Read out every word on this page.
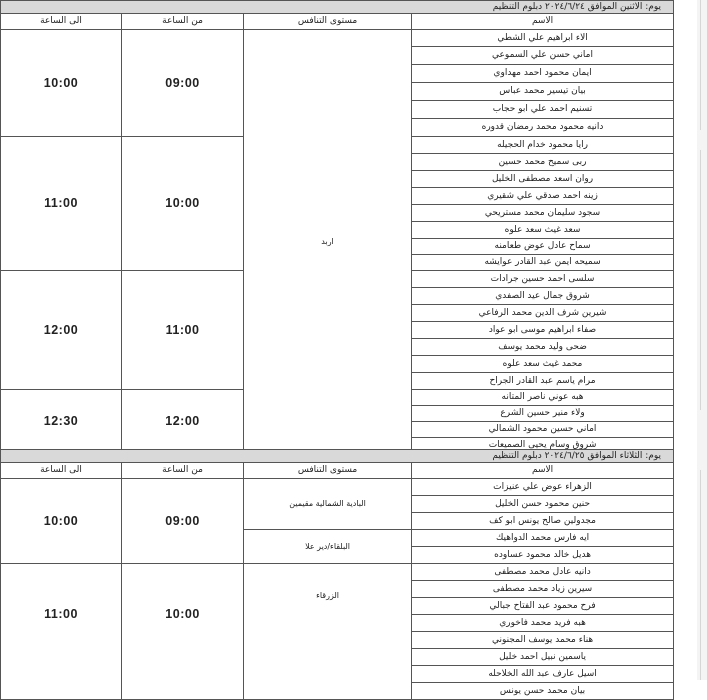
يوم: الاثنين الموافق ٢٠٢٤/٦/٢٤ دبلوم التنظيم				
الاسم	مستوى التنافس	من الساعة	الى الساعة	
الاء ابراهيم علي الشطي	اربد	09:00	10:00	
اماني حسن علي السموعي				
ايمان محمود احمد مهداوي				
بيان تيسير محمد عباس				
تسنيم احمد علي ابو حجاب				
دانيه محمود محمد رمضان قدوره				
رايا محمود خدام الحجيله		10:00	11:00	
ربى سميح محمد حسين				
روان اسعد مصطفى الخليل				
زينه احمد صدقي علي شقيري				
سجود سليمان محمد مستريحي				
سعد غيث سعد علوه				
سماح عادل عوض طعامنه				
سميحه ايمن عبد القادر عوايشه				
سلسى احمد حسين جرادات		11:00	12:00	
شروق جمال عيد الصفدي				
شيرين شرف الدين محمد الرفاعي				
صفاء ابراهيم موسى ابو عواد				
ضحى وليد محمد يوسف				
محمد غيث سعد علوه				
مرام ياسم عبد القادر الجراح				
هبه عوني ناصر المتانه		12:00	12:30	
ولاء منير حسين الشرع				
اماني حسين محمود الشمالي	
شروق وسام يحيى الصميعات				
يوم: الثلاثاء الموافق ٢٠٢٤/٦/٢٥ دبلوم التنظيم			
الاسم	مستوى التنافس	من الساعة	الى الساعة
الزهراء عوض علي عنيزات	البادية الشمالية مقيمين	09:00	10:00
حنين محمود حسن الخليل			
مجدولين صالح يونس ابو كف			
ايه فارس محمد الدواهيك	البلقاء/دير علا		
هديل خالد محمود عساوده			
دانيه عادل محمد مصطفى	الزرقاء	10:00	11:00
سيرين زياد محمد مصطفى			
فرح محمود عبد الفتاح جبالي			
هبه فريد محمد فاخوري			
هناء محمد يوسف المجنوني			
ياسمين نبيل احمد خليل			
اسيل عارف عبد الله الخلاحله			
بيان محمد حسن يونس			
